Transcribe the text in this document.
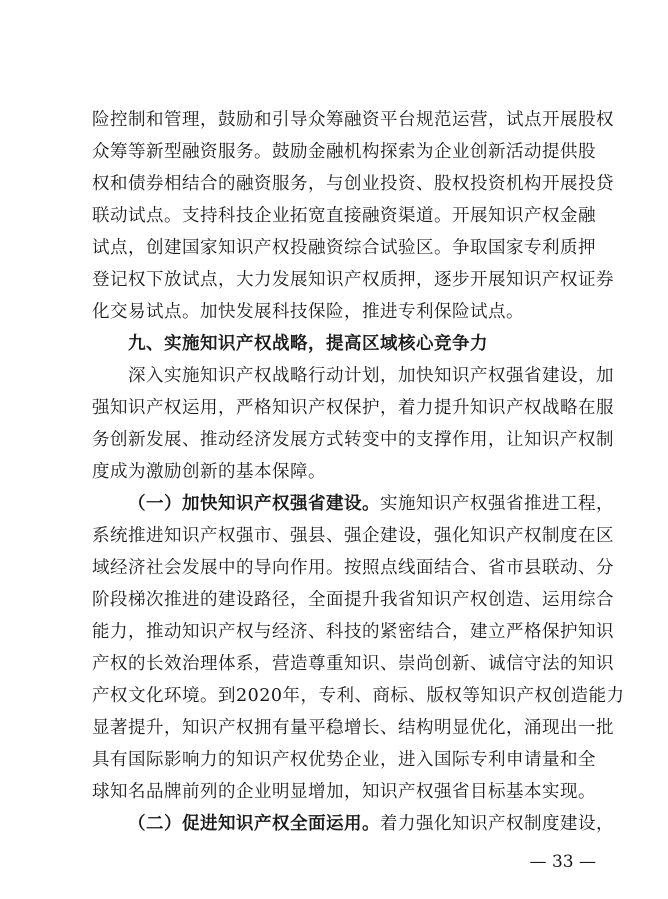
险控制和管理，鼓励和引导众筹融资平台规范运营，试点开展股权
众筹等新型融资服务。鼓励金融机构探索为企业创新活动提供股
权和债券相结合的融资服务，与创业投资、股权投资机构开展投贷
联动试点。支持科技企业拓宽直接融资渠道。开展知识产权金融
试点，创建国家知识产权投融资综合试验区。争取国家专利质押
登记权下放试点，大力发展知识产权质押，逐步开展知识产权证券
化交易试点。加快发展科技保险，推进专利保险试点。
九、实施知识产权战略，提高区域核心竞争力
深入实施知识产权战略行动计划，加快知识产权强省建设，加
强知识产权运用，严格知识产权保护，着力提升知识产权战略在服
务创新发展、推动经济发展方式转变中的支撑作用，让知识产权制
度成为激励创新的基本保障。
（一）加快知识产权强省建设。实施知识产权强省推进工程，
系统推进知识产权强市、强县、强企建设，强化知识产权制度在区
域经济社会发展中的导向作用。按照点线面结合、省市县联动、分
阶段梯次推进的建设路径，全面提升我省知识产权创造、运用综合
能力，推动知识产权与经济、科技的紧密结合，建立严格保护知识
产权的长效治理体系，营造尊重知识、崇尚创新、诚信守法的知识
产权文化环境。到2020年，专利、商标、版权等知识产权创造能力
显著提升，知识产权拥有量平稳增长、结构明显优化，涌现出一批
— 33 —
具有国际影响力的知识产权优势企业，进入国际专利申请量和全
球知名品牌前列的企业明显增加，知识产权强省目标基本实现。
（二）促进知识产权全面运用。着力强化知识产权制度建设，
